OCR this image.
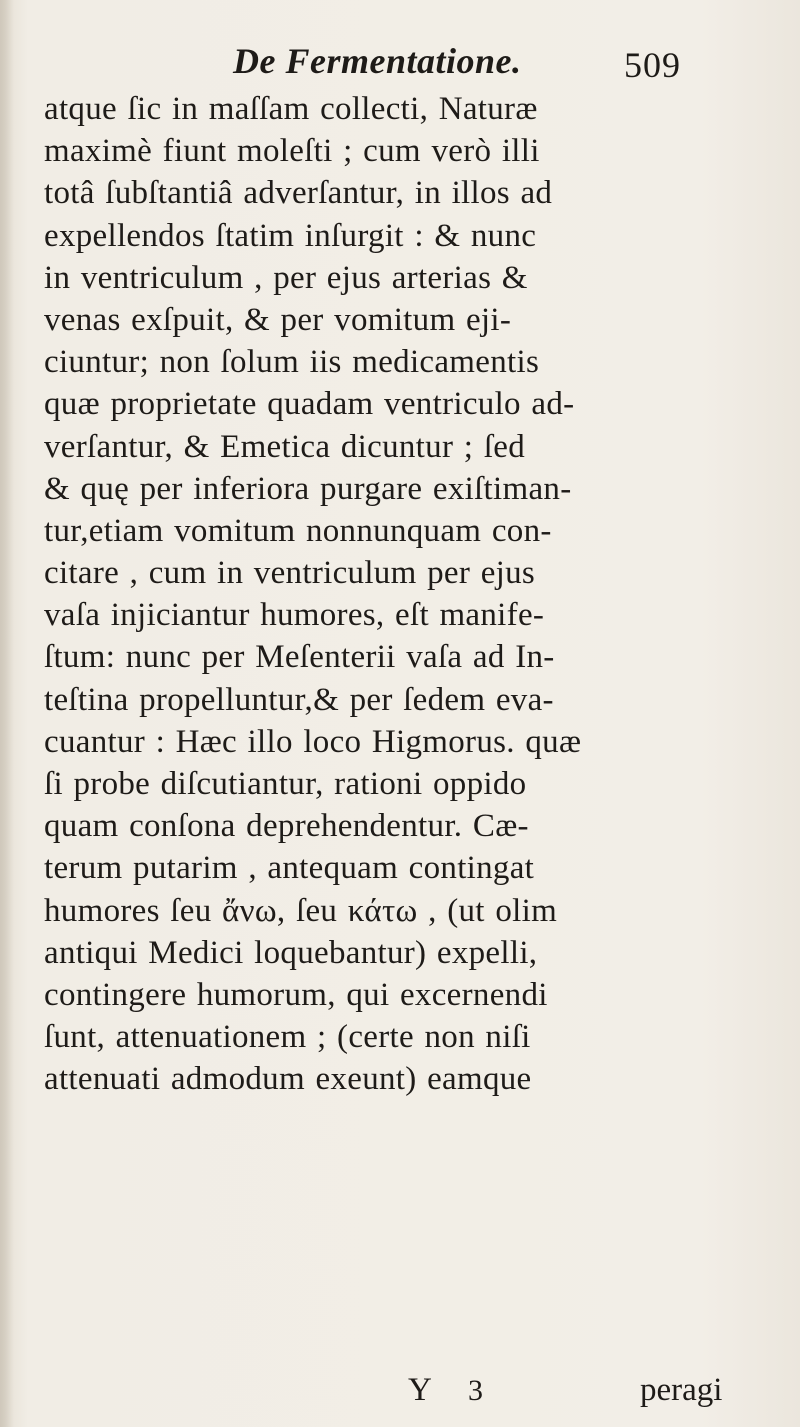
De Fermentatione.	509
atque ſic in maſſam collecti, Naturæ
maximè fiunt moleſti ; cum verò illi
totâ ſubſtantiâ adverſantur, in illos ad
expellendos ſtatim inſurgit : & nunc
in ventriculum , per ejus arterias &
venas exſpuit, & per vomitum eji-
ciuntur; non ſolum iis medicamentis
quæ proprietate quadam ventriculo ad-
verſantur, & Emetica dicuntur ; ſed
& quę per inferiora purgare exiſtiman-
tur,etiam vomitum nonnunquam con-
citare , cum in ventriculum per ejus
vaſa injiciantur humores, eſt manife-
ſtum: nunc per Meſenterii vaſa ad In-
teſtina propelluntur,& per ſedem eva-
cuantur : Hæc illo loco Higmorus. quæ
ſi probe diſcutiantur, rationi oppido
quam conſona deprehendentur. Cæ-
terum putarim , antequam contingat
humores ſeu ἄνω, ſeu κάτω , (ut olim
antiqui Medici loquebantur) expelli,
contingere humorum, qui excernendi
ſunt, attenuationem ; (certe non niſi
attenuati admodum exeunt) eamque
Y 3	peragi
